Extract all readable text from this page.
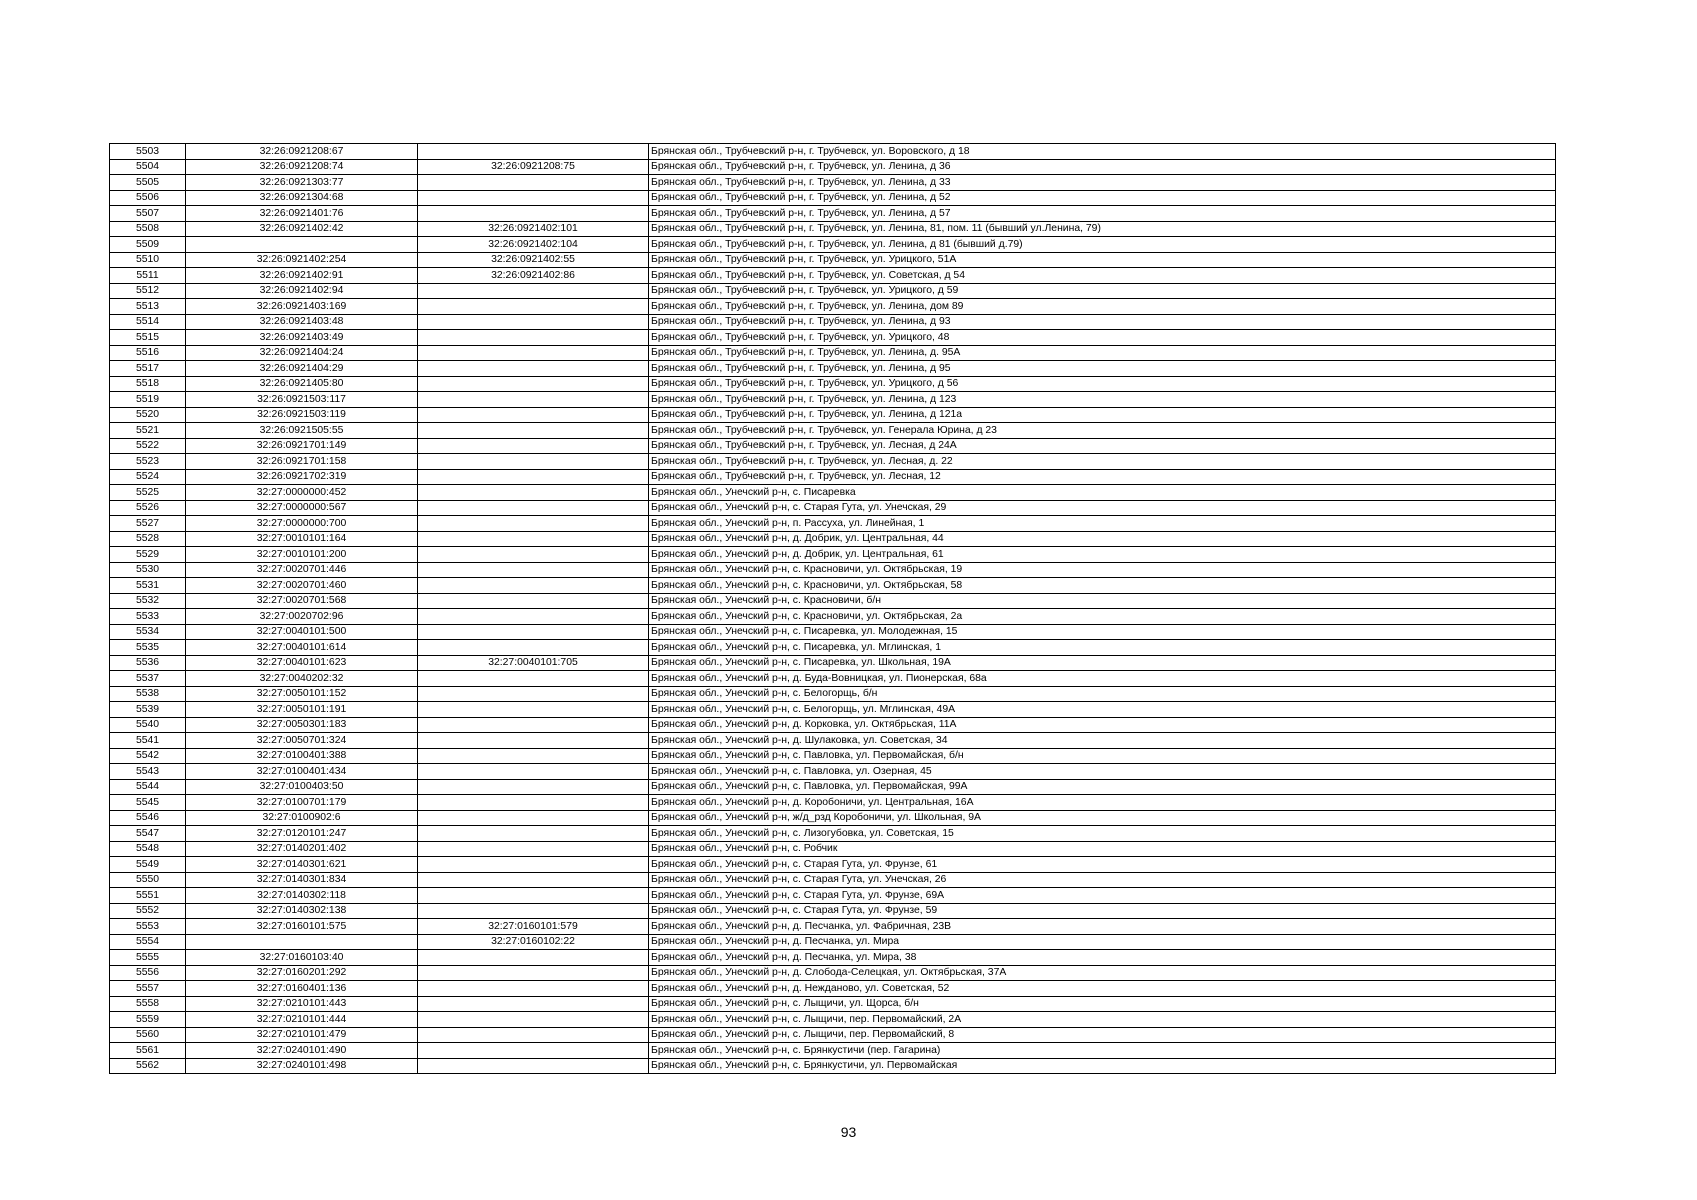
5503	32:26:0921208:67		Брянская обл., Трубчевский р-н, г. Трубчевск, ул. Воровского, д 18
5504	32:26:0921208:74	32:26:0921208:75	Брянская обл., Трубчевский р-н, г. Трубчевск, ул. Ленина, д 36
5505	32:26:0921303:77		Брянская обл., Трубчевский р-н, г. Трубчевск, ул. Ленина, д 33
5506	32:26:0921304:68		Брянская обл., Трубчевский р-н, г. Трубчевск, ул. Ленина, д 52
5507	32:26:0921401:76		Брянская обл., Трубчевский р-н, г. Трубчевск, ул. Ленина, д 57
5508	32:26:0921402:42	32:26:0921402:101	Брянская обл., Трубчевский р-н, г. Трубчевск, ул. Ленина, 81, пом. 11 (бывший ул.Ленина, 79)
5509		32:26:0921402:104	Брянская обл., Трубчевский р-н, г. Трубчевск, ул. Ленина, д 81 (бывший д.79)
5510	32:26:0921402:254	32:26:0921402:55	Брянская обл., Трубчевский р-н, г. Трубчевск, ул. Урицкого, 51А
5511	32:26:0921402:91	32:26:0921402:86	Брянская обл., Трубчевский р-н, г. Трубчевск, ул. Советская, д 54
5512	32:26:0921402:94		Брянская обл., Трубчевский р-н, г. Трубчевск, ул. Урицкого, д 59
5513	32:26:0921403:169		Брянская обл., Трубчевский р-н, г. Трубчевск, ул. Ленина, дом 89
5514	32:26:0921403:48		Брянская обл., Трубчевский р-н, г. Трубчевск, ул. Ленина, д 93
5515	32:26:0921403:49		Брянская обл., Трубчевский р-н, г. Трубчевск, ул. Урицкого, 48
5516	32:26:0921404:24		Брянская обл., Трубчевский р-н, г. Трубчевск, ул. Ленина, д. 95А
5517	32:26:0921404:29		Брянская обл., Трубчевский р-н, г. Трубчевск, ул. Ленина, д 95
5518	32:26:0921405:80		Брянская обл., Трубчевский р-н, г. Трубчевск, ул. Урицкого, д 56
5519	32:26:0921503:117		Брянская обл., Трубчевский р-н, г. Трубчевск, ул. Ленина, д 123
5520	32:26:0921503:119		Брянская обл., Трубчевский р-н, г. Трубчевск, ул. Ленина, д 121а
5521	32:26:0921505:55		Брянская обл., Трубчевский р-н, г. Трубчевск, ул. Генерала Юрина, д 23
5522	32:26:0921701:149		Брянская обл., Трубчевский р-н, г. Трубчевск, ул. Лесная, д 24А
5523	32:26:0921701:158		Брянская обл., Трубчевский р-н, г. Трубчевск, ул. Лесная, д. 22
5524	32:26:0921702:319		Брянская обл., Трубчевский р-н, г. Трубчевск, ул. Лесная, 12
5525	32:27:0000000:452		Брянская обл., Унечский р-н, с. Писаревка
5526	32:27:0000000:567		Брянская обл., Унечский р-н, с. Старая Гута, ул. Унечская, 29
5527	32:27:0000000:700		Брянская обл., Унечский р-н, п. Рассуха, ул. Линейная, 1
5528	32:27:0010101:164		Брянская обл., Унечский р-н, д. Добрик, ул. Центральная, 44
5529	32:27:0010101:200		Брянская обл., Унечский р-н, д. Добрик, ул. Центральная, 61
5530	32:27:0020701:446		Брянская обл., Унечский р-н, с. Красновичи, ул. Октябрьская, 19
5531	32:27:0020701:460		Брянская обл., Унечский р-н, с. Красновичи, ул. Октябрьская, 58
5532	32:27:0020701:568		Брянская обл., Унечский р-н, с. Красновичи, б/н
5533	32:27:0020702:96		Брянская обл., Унечский р-н, с. Красновичи, ул. Октябрьская, 2а
5534	32:27:0040101:500		Брянская обл., Унечский р-н, с. Писаревка, ул. Молодежная, 15
5535	32:27:0040101:614		Брянская обл., Унечский р-н, с. Писаревка, ул. Мглинская, 1
5536	32:27:0040101:623	32:27:0040101:705	Брянская обл., Унечский р-н, с. Писаревка, ул. Школьная, 19А
5537	32:27:0040202:32		Брянская обл., Унечский р-н, д. Буда-Вовницкая, ул. Пионерская, 68а
5538	32:27:0050101:152		Брянская обл., Унечский р-н, с. Белогорщь, б/н
5539	32:27:0050101:191		Брянская обл., Унечский р-н, с. Белогорщь, ул. Мглинская, 49А
5540	32:27:0050301:183		Брянская обл., Унечский р-н, д. Корковка, ул. Октябрьская, 11А
5541	32:27:0050701:324		Брянская обл., Унечский р-н, д. Шулаковка, ул. Советская, 34
5542	32:27:0100401:388		Брянская обл., Унечский р-н, с. Павловка, ул. Первомайская, б/н
5543	32:27:0100401:434		Брянская обл., Унечский р-н, с. Павловка, ул. Озерная, 45
5544	32:27:0100403:50		Брянская обл., Унечский р-н, с. Павловка, ул. Первомайская, 99А
5545	32:27:0100701:179		Брянская обл., Унечский р-н, д. Коробоничи, ул. Центральная, 16А
5546	32:27:0100902:6		Брянская обл., Унечский р-н, ж/д_рзд Коробоничи, ул. Школьная, 9А
5547	32:27:0120101:247		Брянская обл., Унечский р-н, с. Лизогубовка, ул. Советская, 15
5548	32:27:0140201:402		Брянская обл., Унечский р-н, с. Робчик
5549	32:27:0140301:621		Брянская обл., Унечский р-н, с. Старая Гута, ул. Фрунзе, 61
5550	32:27:0140301:834		Брянская обл., Унечский р-н, с. Старая Гута, ул. Унечская, 26
5551	32:27:0140302:118		Брянская обл., Унечский р-н, с. Старая Гута, ул. Фрунзе, 69А
5552	32:27:0140302:138		Брянская обл., Унечский р-н, с. Старая Гута, ул. Фрунзе, 59
5553	32:27:0160101:575	32:27:0160101:579	Брянская обл., Унечский р-н, д. Песчанка, ул. Фабричная, 23В
5554		32:27:0160102:22	Брянская обл., Унечский р-н, д. Песчанка, ул. Мира
5555	32:27:0160103:40		Брянская обл., Унечский р-н, д. Песчанка, ул. Мира, 38
5556	32:27:0160201:292		Брянская обл., Унечский р-н, д. Слобода-Селецкая, ул. Октябрьская, 37А
5557	32:27:0160401:136		Брянская обл., Унечский р-н, д. Нежданово, ул. Советская, 52
5558	32:27:0210101:443		Брянская обл., Унечский р-н, с. Лыщичи, ул. Щорса, б/н
5559	32:27:0210101:444		Брянская обл., Унечский р-н, с. Лыщичи, пер. Первомайский, 2А
5560	32:27:0210101:479		Брянская обл., Унечский р-н, с. Лыщичи, пер. Первомайский, 8
5561	32:27:0240101:490		Брянская обл., Унечский р-н, с. Брянкустичи (пер. Гагарина)
5562	32:27:0240101:498		Брянская обл., Унечский р-н, с. Брянкустичи, ул. Первомайская
93
